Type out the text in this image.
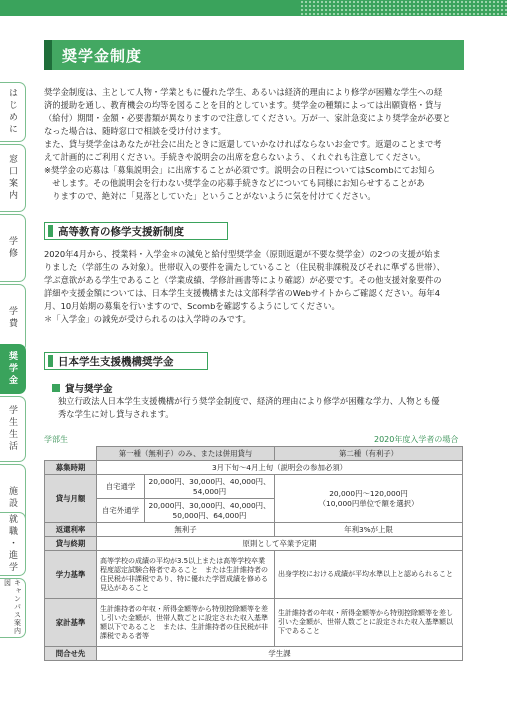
奨学金制度
はじめに
窓口案内
学修
学費
奨学金
学生生活
施設
就職・進学
キャンパス案内図
奨学金制度は、主として人物・学業ともに優れた学生、あるいは経済的理由により修学が困難な学生への経
済的援助を通し、教育機会の均等を図ることを目的としています。奨学金の種類によっては出願資格・貸与
（給付）期間・金額・必要書類が異なりますので注意してください。万が一、家計急変により奨学金が必要と
なった場合は、随時窓口で相談を受け付けます。
また、貸与奨学金はあなたが社会に出たときに返還していかなければならないお金です。返還のことまで考
えて計画的にご利用ください。手続きや説明会の出席を怠らないよう、くれぐれも注意してください。
※奨学金の応募は「募集説明会」に出席することが必須です。説明会の日程についてはScombにてお知ら
　せします。その他説明会を行わない奨学金の応募手続きなどについても同様にお知らせすることがあ
　りますので、絶対に「見落としていた」ということがないように気を付けてください。
高等教育の修学支援新制度
2020年4月から、授業料・入学金＊の減免と給付型奨学金（原則返還が不要な奨学金）の2つの支援が始ま
りました（学部生の み対象）。世帯収入の要件を満たしていること（住民税非課税及びそれに準ずる世帯）、
学ぶ意欲がある学生であること（学業成績、学修計画書等により確認）が必要です。その他支援対象要件の
詳細や支援金額については、日本学生支援機構または文部科学省のWebサイトからご確認ください。毎年4
月、10月始期の募集を行いますので、Scombを確認するようにしてください。
＊「入学金」の減免が受けられるのは入学時のみです。
日本学生支援機構奨学金
貸与奨学金
独立行政法人日本学生支援機構が行う奨学金制度で、経済的理由により修学が困難な学力、人物とも優
秀な学生に対し貸与されます。
学部生	2020年度入学者の場合
	第一種（無利子）のみ、または併用貸与		第二種（有利子）
募集時期	3月下旬〜4月上旬（説明会の参加必須）		
貸与月額	自宅通学	20,000円、30,000円、40,000円、54,000円	20,000円〜120,000円（10,000円単位で額を選択）
	自宅外通学	20,000円、30,000円、40,000円、50,000円、64,000円	
返還利率	無利子		年利3%が上限
貸与終期	原則として卒業予定期		
学力基準	高等学校の成績の平均が3.5以上または高等学校卒業程度認定試験合格者であること　または生計維持者の住民税が非課税であり、特に優れた学習成績を修める見込があること		出身学校における成績が平均水準以上と認められること
家計基準	生計維持者の年収・所得金額等から特別控除額等を差し引いた金額が、世帯人数ごとに設定された収入基準額以下であること　または、生計維持者の住民税が非課税である者等		生計維持者の年収・所得金額等から特別控除額等を差し引いた金額が、世帯人数ごとに設定された収入基準額以下であること
問合せ先	学生課		
